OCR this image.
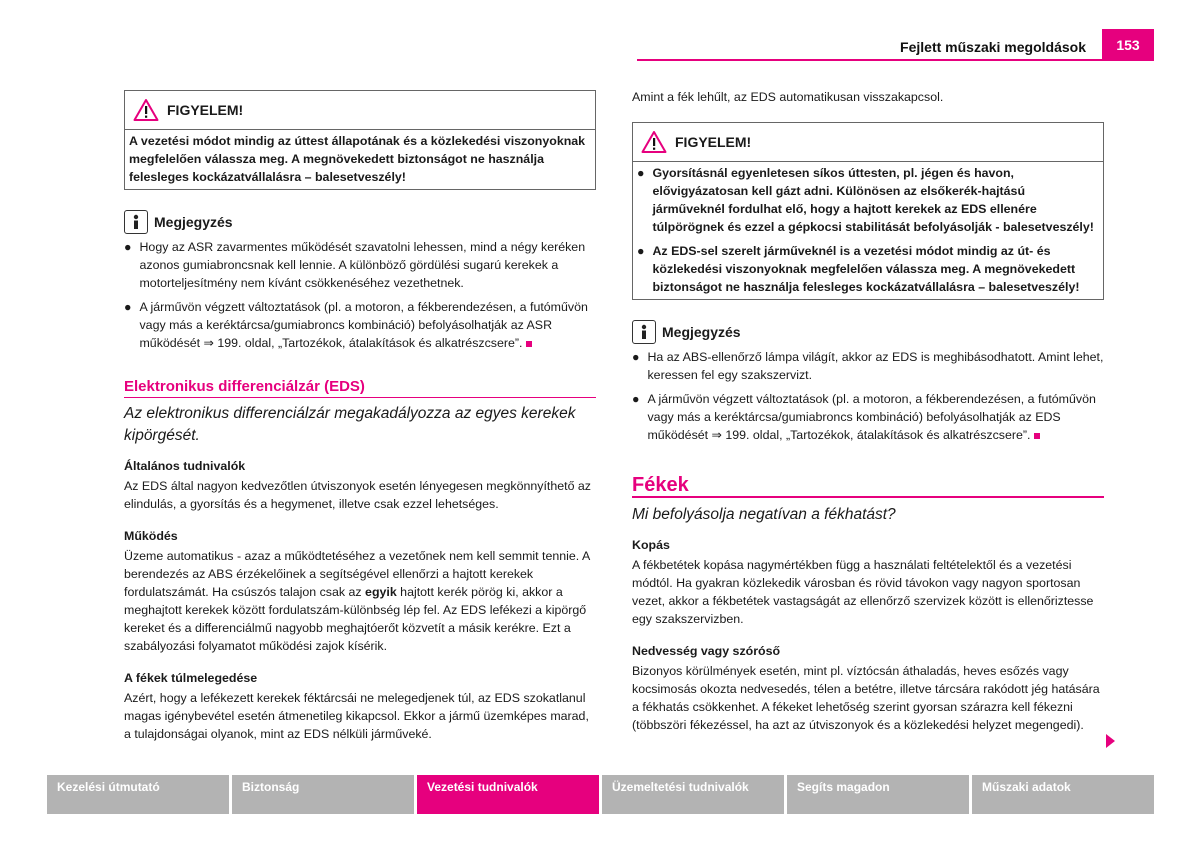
Fejlett műszaki megoldások	153
FIGYELEM!

A vezetési módot mindig az úttest állapotának és a közlekedési viszonyoknak megfelelően válassza meg. A megnövekedett biztonságot ne használja felesleges kockázatvállalásra – balesetveszély!

Megjegyzés
● Hogy az ASR zavarmentes működését szavatolni lehessen, mind a négy keréken azonos gumiabroncsnak kell lennie. A különböző gördülési sugarú kerekek a motorteljesítmény nem kívánt csökkenéséhez vezethetnek.
● A járművön végzett változtatások (pl. a motoron, a fékberendezésen, a futóművön vagy más a keréktárcsa/gumiabroncs kombináció) befolyásolhatják az ASR működését ⇒ 199. oldal, „Tartozékok, átalakítások és alkatrészcsere”.
Elektronikus differenciálzár (EDS)
Az elektronikus differenciálzár megakadályozza az egyes kerekek kipörgését.
Általános tudnivalók

Az EDS által nagyon kedvezőtlen útviszonyok esetén lényegesen megkönnyíthető az elindulás, a gyorsítás és a hegymenet, illetve csak ezzel lehetséges.

Működés

Üzeme automatikus - azaz a működtetéséhez a vezetőnek nem kell semmit tennie. A berendezés az ABS érzékelőinek a segítségével ellenőrzi a hajtott kerekek fordulatszámát. Ha csúszós talajon csak az egyik hajtott kerék pörög ki, akkor a meghajtott kerekek között fordulatszám-különbség lép fel. Az EDS lefékezi a kipörgő kereket és a differenciálmű nagyobb meghajtóerőt közvetít a másik kerékre. Ezt a szabályozási folyamatot működési zajok kísérik.

A fékek túlmelegedése

Azért, hogy a lefékezett kerekek féktárcsái ne melegedjenek túl, az EDS szokatlanul magas igénybevétel esetén átmenetileg kikapcsol. Ekkor a jármű üzemképes marad, a tulajdonságai olyanok, mint az EDS nélküli járműveké.

Amint a fék lehűlt, az EDS automatikusan visszakapcsol.

FIGYELEM!
● Gyorsításnál egyenletesen síkos úttesten, pl. jégen és havon, elővigyázatosan kell gázt adni. Különösen az elsőkerék-hajtású járműveknél fordulhat elő, hogy a hajtott kerekek az EDS ellenére túlpörögnek és ezzel a gépkocsi stabilitását befolyásolják - balesetveszély!
● Az EDS-sel szerelt járműveknél is a vezetési módot mindig az út- és közlekedési viszonyoknak megfelelően válassza meg. A megnövekedett biztonságot ne használja felesleges kockázatvállalásra – balesetveszély!
Megjegyzés
● Ha az ABS-ellenőrző lámpa világít, akkor az EDS is meghibásodhatott. Amint lehet, keressen fel egy szakszervizt.
● A járművön végzett változtatások (pl. a motoron, a fékberendezésen, a futóművön vagy más a keréktárcsa/gumiabroncs kombináció) befolyásolhatják az EDS működését ⇒ 199. oldal, „Tartozékok, átalakítások és alkatrészcsere”.
Fékek
Mi befolyásolja negatívan a fékhatást?
Kopás

A fékbetétek kopása nagymértékben függ a használati feltételektől és a vezetési módtól. Ha gyakran közlekedik városban és rövid távokon vagy nagyon sportosan vezet, akkor a fékbetétek vastagságát az ellenőrző szervizek között is ellenőriztesse egy szakszervizben.

Nedvesség vagy szóróső

Bizonyos körülmények esetén, mint pl. víztócsán áthaladás, heves esőzés vagy kocsimosás okozta nedvesedés, télen a betétre, illetve tárcsára rakódott jég hatására a fékhatás csökkenhet. A fékeket lehetőség szerint gyorsan szárazra kell fékezni (többszöri fékezéssel, ha azt az útviszonyok és a közlekedési helyzet megengedi).

Kezelési útmutató	Biztonság	Vezetési tudnivalók	Üzemeltetési tudnivalók	Segíts magadon	Műszaki adatok
